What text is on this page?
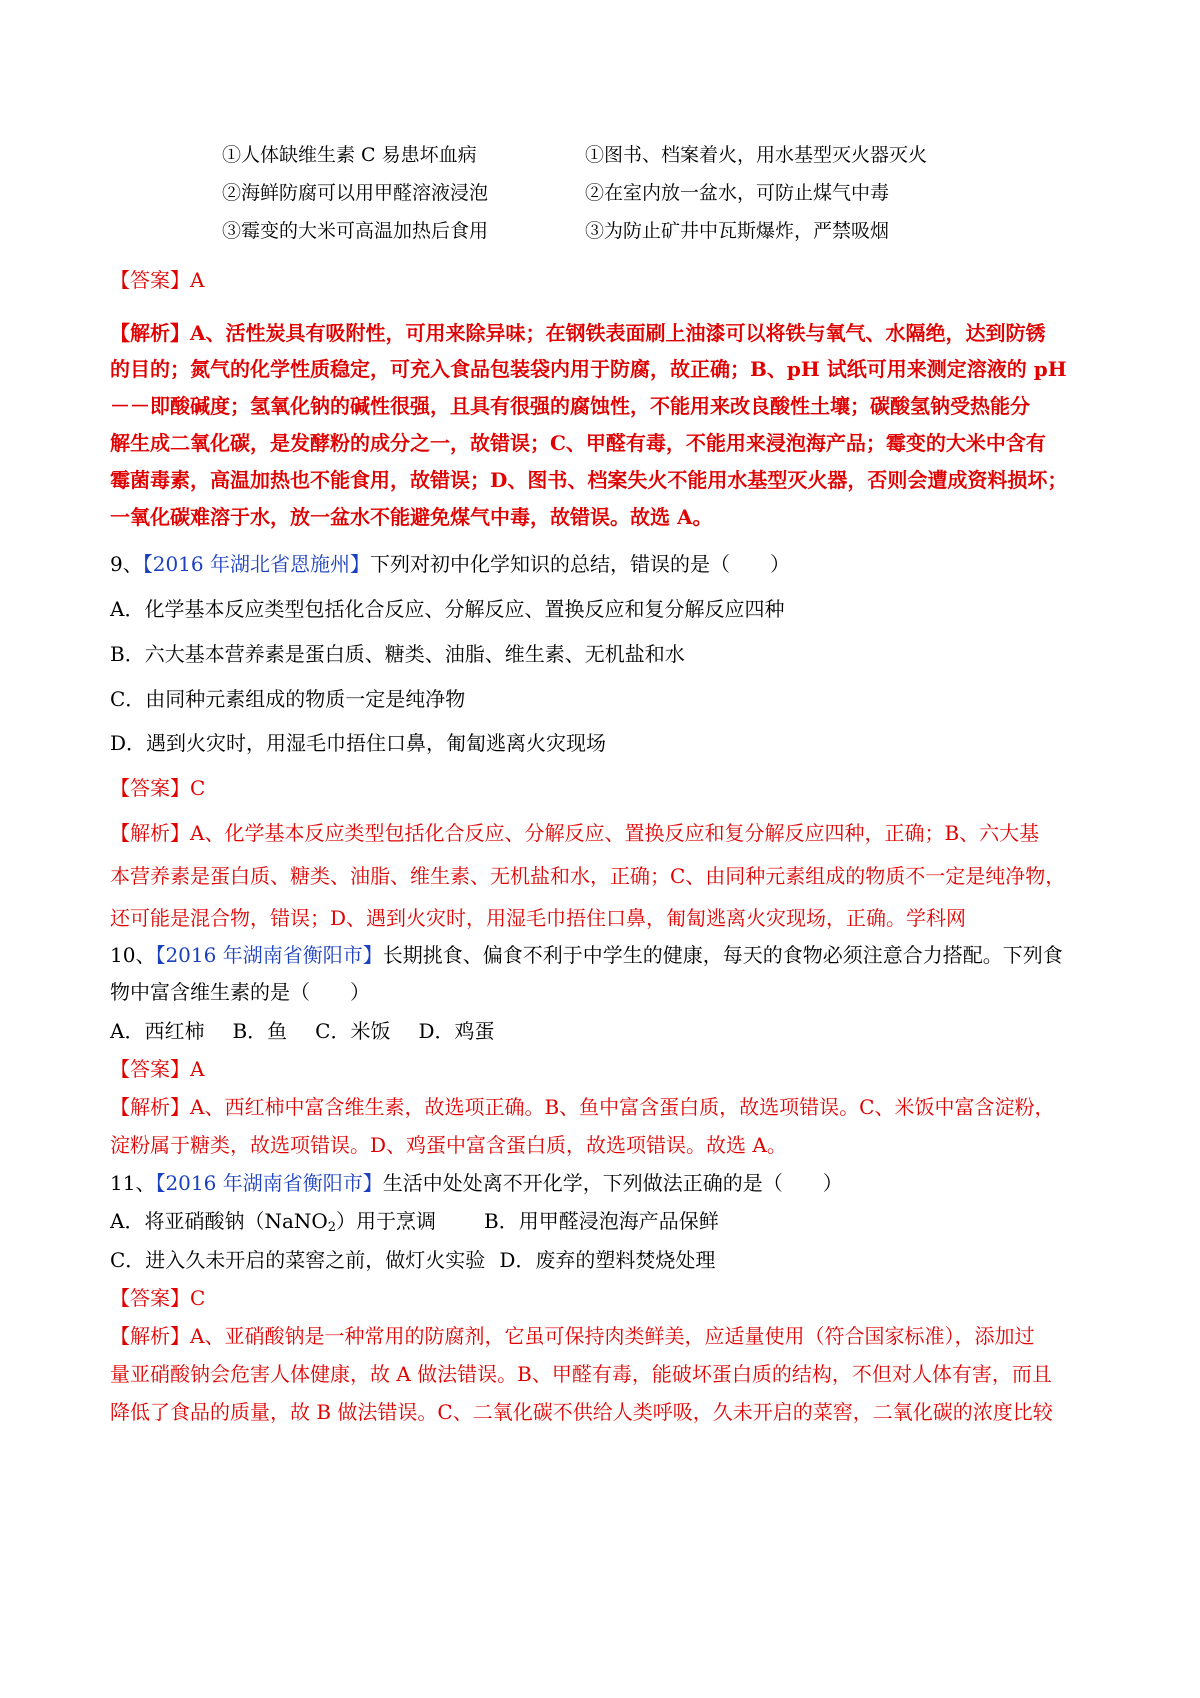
①人体缺维生素 C 易患坏血病	①图书、档案着火，用水基型灭火器灭火
②海鲜防腐可以用甲醛溶液浸泡	②在室内放一盆水，可防止煤气中毒
③霉变的大米可高温加热后食用	③为防止矿井中瓦斯爆炸，严禁吸烟
【答案】A
【解析】A、活性炭具有吸附性，可用来除异味；在钢铁表面刷上油漆可以将铁与氧气、水隔绝，达到防锈
的目的；氮气的化学性质稳定，可充入食品包装袋内用于防腐，故正确；B、pH 试纸可用来测定溶液的 pH
－－即酸碱度；氢氧化钠的碱性很强，且具有很强的腐蚀性，不能用来改良酸性土壤；碳酸氢钠受热能分
解生成二氧化碳，是发酵粉的成分之一，故错误；C、甲醛有毒，不能用来浸泡海产品；霉变的大米中含有
霉菌毒素，高温加热也不能食用，故错误；D、图书、档案失火不能用水基型灭火器，否则会遭成资料损坏；
一氧化碳难溶于水，放一盆水不能避免煤气中毒，故错误。故选 A。
9、【2016 年湖北省恩施州】下列对初中化学知识的总结，错误的是（　　）
A．化学基本反应类型包括化合反应、分解反应、置换反应和复分解反应四种
B．六大基本营养素是蛋白质、糖类、油脂、维生素、无机盐和水
C．由同种元素组成的物质一定是纯净物
D．遇到火灾时，用湿毛巾捂住口鼻，匍匐逃离火灾现场
【答案】C
【解析】A、化学基本反应类型包括化合反应、分解反应、置换反应和复分解反应四种，正确；B、六大基
本营养素是蛋白质、糖类、油脂、维生素、无机盐和水，正确；C、由同种元素组成的物质不一定是纯净物，
还可能是混合物，错误；D、遇到火灾时，用湿毛巾捂住口鼻，匍匐逃离火灾现场，正确。学科网
10、【2016 年湖南省衡阳市】长期挑食、偏食不利于中学生的健康，每天的食物必须注意合力搭配。下列食
物中富含维生素的是（　　）
A．西红柿 B．鱼 C．米饭 D．鸡蛋
【答案】A
【解析】A、西红柿中富含维生素，故选项正确。B、鱼中富含蛋白质，故选项错误。C、米饭中富含淀粉，
淀粉属于糖类，故选项错误。D、鸡蛋中富含蛋白质，故选项错误。故选 A。
11、【2016 年湖南省衡阳市】生活中处处离不开化学，下列做法正确的是（　　）
A．将亚硝酸钠（NaNO$_2$）用于烹调 B．用甲醛浸泡海产品保鲜
C．进入久未开启的菜窖之前，做灯火实验 D．废弃的塑料焚烧处理
【答案】C
【解析】A、亚硝酸钠是一种常用的防腐剂，它虽可保持肉类鲜美，应适量使用（符合国家标准），添加过
量亚硝酸钠会危害人体健康，故 A 做法错误。B、甲醛有毒，能破坏蛋白质的结构，不但对人体有害，而且
降低了食品的质量，故 B 做法错误。C、二氧化碳不供给人类呼吸，久未开启的菜窖，二氧化碳的浓度比较
